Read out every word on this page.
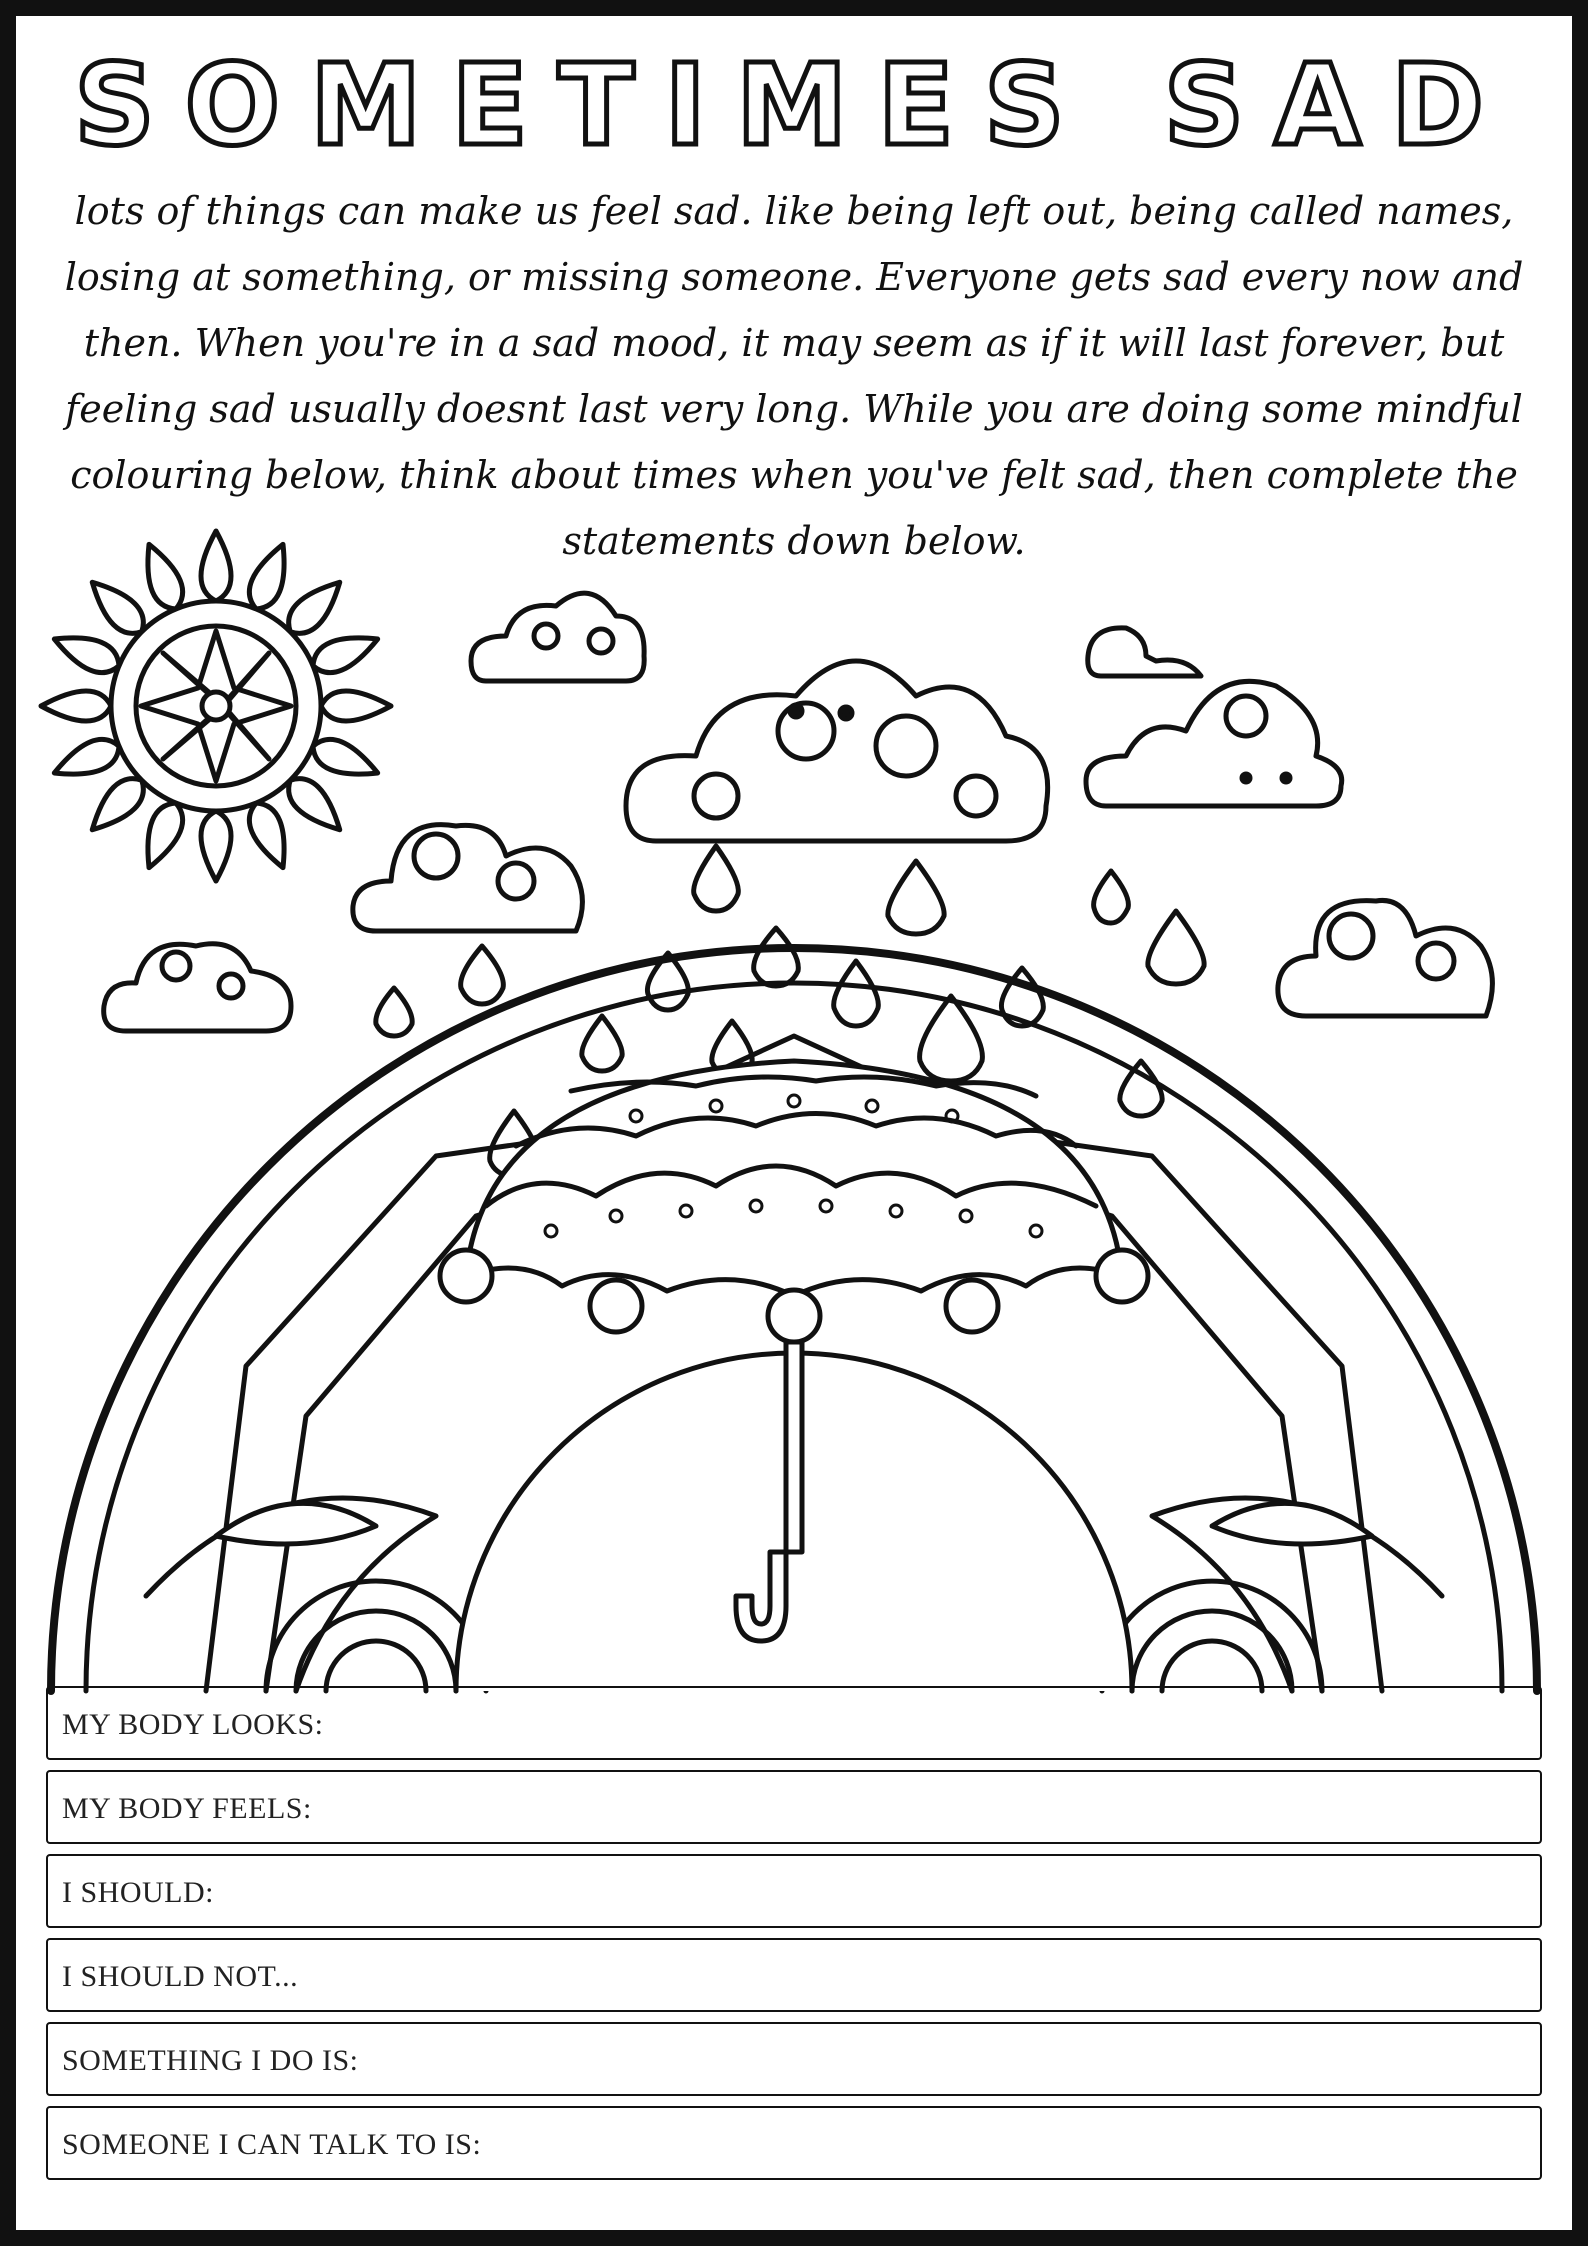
SOMETIMES SAD
lots of things can make us feel sad. like being left out, being called names, losing at something, or missing someone. Everyone gets sad every now and then. When you're in a sad mood, it may seem as if it will last forever, but feeling sad usually doesnt last very long. While you are doing some mindful colouring below, think about times when you've felt sad, then complete the statements down below.
MY BODY LOOKS:
MY BODY FEELS:
I SHOULD:
I SHOULD NOT...
SOMETHING I DO IS:
SOMEONE I CAN TALK TO IS:
